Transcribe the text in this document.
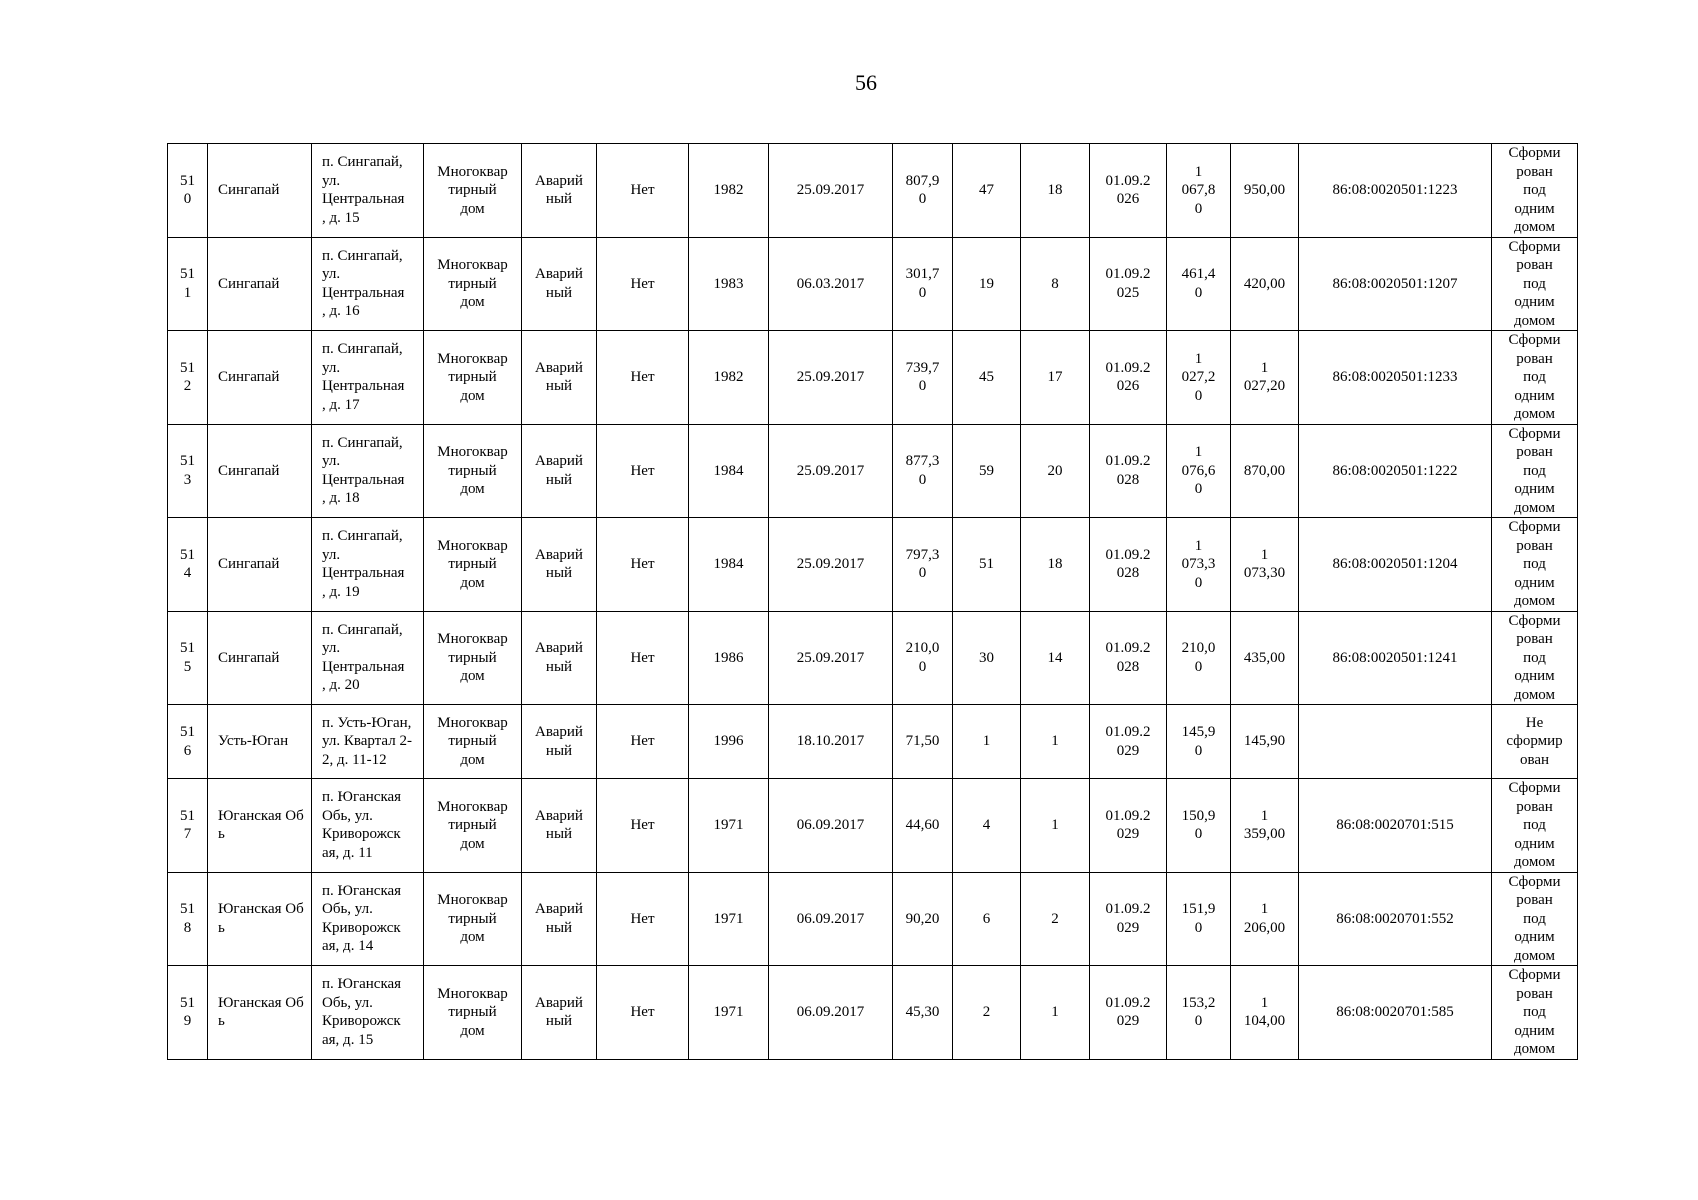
56
51
0	Сингапай	п. Сингапай, ул. Центральная
, д. 15	Многоквар
тирный
дом	Аварий
ный	Нет	1982	25.09.2017	807,9
0	47	18	01.09.2
026	1
067,8
0	950,00	86:08:0020501:1223	Сформи
рован
под
одним
домом
51
1	Сингапай	п. Сингапай, ул. Центральная
, д. 16	Многоквар
тирный
дом	Аварий
ный	Нет	1983	06.03.2017	301,7
0	19	8	01.09.2
025	461,4
0	420,00	86:08:0020501:1207	Сформи
рован
под
одним
домом
51
2	Сингапай	п. Сингапай, ул. Центральная
, д. 17	Многоквар
тирный
дом	Аварий
ный	Нет	1982	25.09.2017	739,7
0	45	17	01.09.2
026	1
027,2
0	1
027,20	86:08:0020501:1233	Сформи
рован
под
одним
домом
51
3	Сингапай	п. Сингапай, ул. Центральная
, д. 18	Многоквар
тирный
дом	Аварий
ный	Нет	1984	25.09.2017	877,3
0	59	20	01.09.2
028	1
076,6
0	870,00	86:08:0020501:1222	Сформи
рован
под
одним
домом
51
4	Сингапай	п. Сингапай, ул. Центральная
, д. 19	Многоквар
тирный
дом	Аварий
ный	Нет	1984	25.09.2017	797,3
0	51	18	01.09.2
028	1
073,3
0	1
073,30	86:08:0020501:1204	Сформи
рован
под
одним
домом
51
5	Сингапай	п. Сингапай, ул. Центральная
, д. 20	Многоквар
тирный
дом	Аварий
ный	Нет	1986	25.09.2017	210,0
0	30	14	01.09.2
028	210,0
0	435,00	86:08:0020501:1241	Сформи
рован
под
одним
домом
51
6	Усть-Юган	п. Усть-Юган, ул. Квартал 2-2, д. 11-12	Многоквар
тирный
дом	Аварий
ный	Нет	1996	18.10.2017	71,50	1	1	01.09.2
029	145,9
0	145,90		Не
сформир
ован
51
7	Юганская Обь	п. Юганская Обь, ул. Криворожск ая, д. 11	Многоквар
тирный
дом	Аварий
ный	Нет	1971	06.09.2017	44,60	4	1	01.09.2
029	150,9
0	1
359,00	86:08:0020701:515	Сформи
рован
под
одним
домом
51
8	Юганская Обь	п. Юганская Обь, ул. Криворожск ая, д. 14	Многоквар
тирный
дом	Аварий
ный	Нет	1971	06.09.2017	90,20	6	2	01.09.2
029	151,9
0	1
206,00	86:08:0020701:552	Сформи
рован
под
одним
домом
51
9	Юганская Обь	п. Юганская Обь, ул. Криворожск ая, д. 15	Многоквар
тирный
дом	Аварий
ный	Нет	1971	06.09.2017	45,30	2	1	01.09.2
029	153,2
0	1
104,00	86:08:0020701:585	Сформи
рован
под
одним
домом
